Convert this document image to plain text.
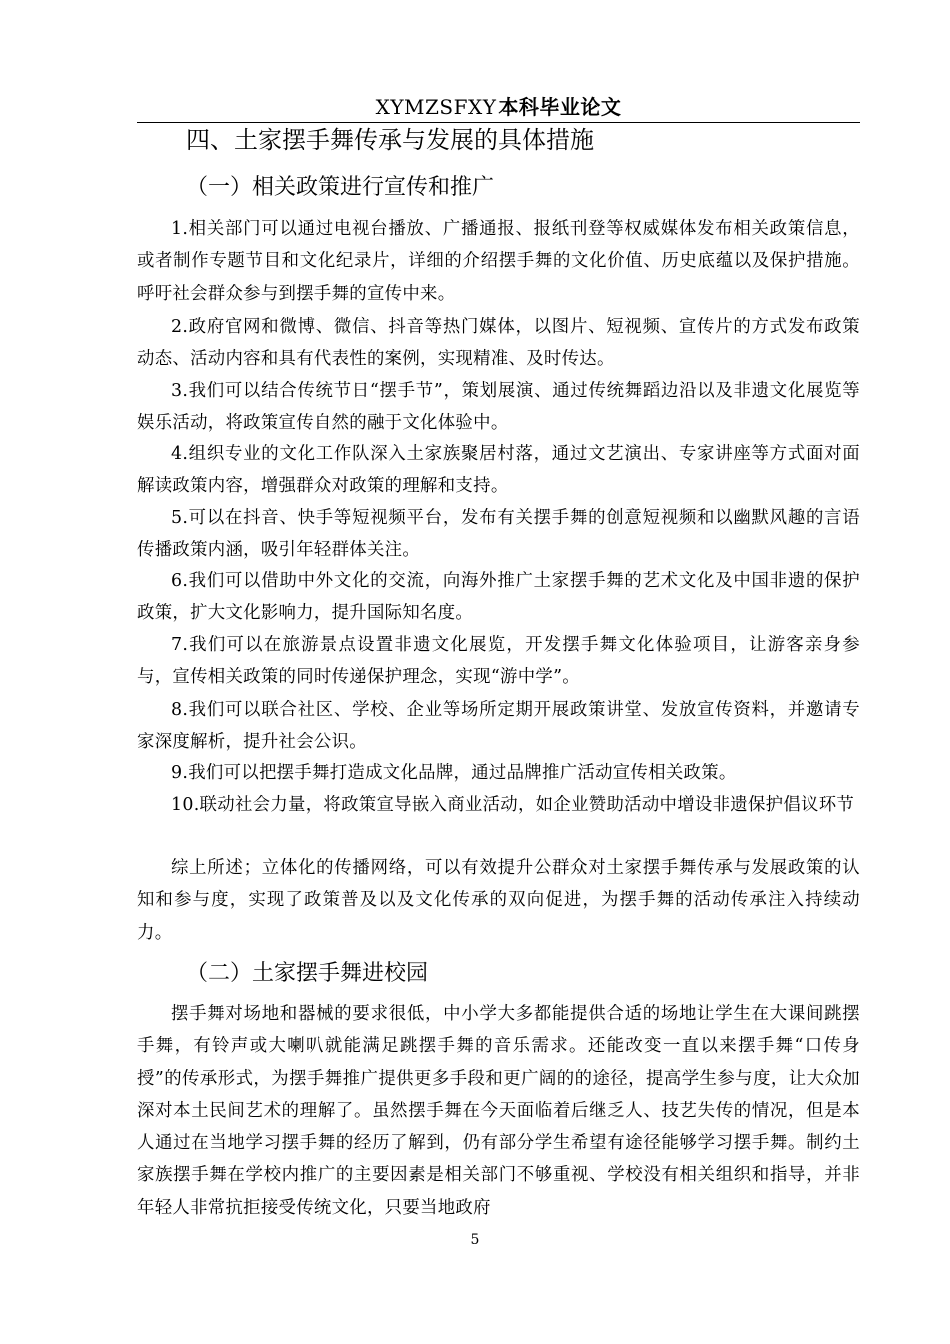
XYMZSFXY 本科毕业论文
四、土家摆手舞传承与发展的具体措施
（一）相关政策进行宣传和推广
1.相关部门可以通过电视台播放、广播通报、报纸刊登等权威媒体发布相关政策信息，或者制作专题节目和文化纪录片，详细的介绍摆手舞的文化价值、历史底蕴以及保护措施。呼吁社会群众参与到摆手舞的宣传中来。
2.政府官网和微博、微信、抖音等热门媒体，以图片、短视频、宣传片的方式发布政策动态、活动内容和具有代表性的案例，实现精准、及时传达。
3.我们可以结合传统节日“摆手节”，策划展演、通过传统舞蹈边沿以及非遗文化展览等娱乐活动，将政策宣传自然的融于文化体验中。
4.组织专业的文化工作队深入土家族聚居村落，通过文艺演出、专家讲座等方式面对面解读政策内容，增强群众对政策的理解和支持。
5.可以在抖音、快手等短视频平台，发布有关摆手舞的创意短视频和以幽默风趣的言语传播政策内涵，吸引年轻群体关注。
6.我们可以借助中外文化的交流，向海外推广土家摆手舞的艺术文化及中国非遗的保护政策，扩大文化影响力，提升国际知名度。
7.我们可以在旅游景点设置非遗文化展览，开发摆手舞文化体验项目，让游客亲身参与，宣传相关政策的同时传递保护理念，实现“游中学”。
8.我们可以联合社区、学校、企业等场所定期开展政策讲堂、发放宣传资料，并邀请专家深度解析，提升社会公识。
9.我们可以把摆手舞打造成文化品牌，通过品牌推广活动宣传相关政策。
10.联动社会力量，将政策宣导嵌入商业活动，如企业赞助活动中增设非遗保护倡议环节
综上所述；立体化的传播网络，可以有效提升公群众对土家摆手舞传承与发展政策的认知和参与度，实现了政策普及以及文化传承的双向促进，为摆手舞的活动传承注入持续动力。
（二）土家摆手舞进校园
摆手舞对场地和器械的要求很低，中小学大多都能提供合适的场地让学生在大课间跳摆手舞，有铃声或大喇叭就能满足跳摆手舞的音乐需求。还能改变一直以来摆手舞“口传身授”的传承形式，为摆手舞推广提供更多手段和更广阔的的途径，提高学生参与度，让大众加深对本土民间艺术的理解了。虽然摆手舞在今天面临着后继乏人、技艺失传的情况，但是本人通过在当地学习摆手舞的经历了解到，仍有部分学生希望有途径能够学习摆手舞。制约土家族摆手舞在学校内推广的主要因素是相关部门不够重视、学校没有相关组织和指导，并非年轻人非常抗拒接受传统文化，只要当地政府
5
